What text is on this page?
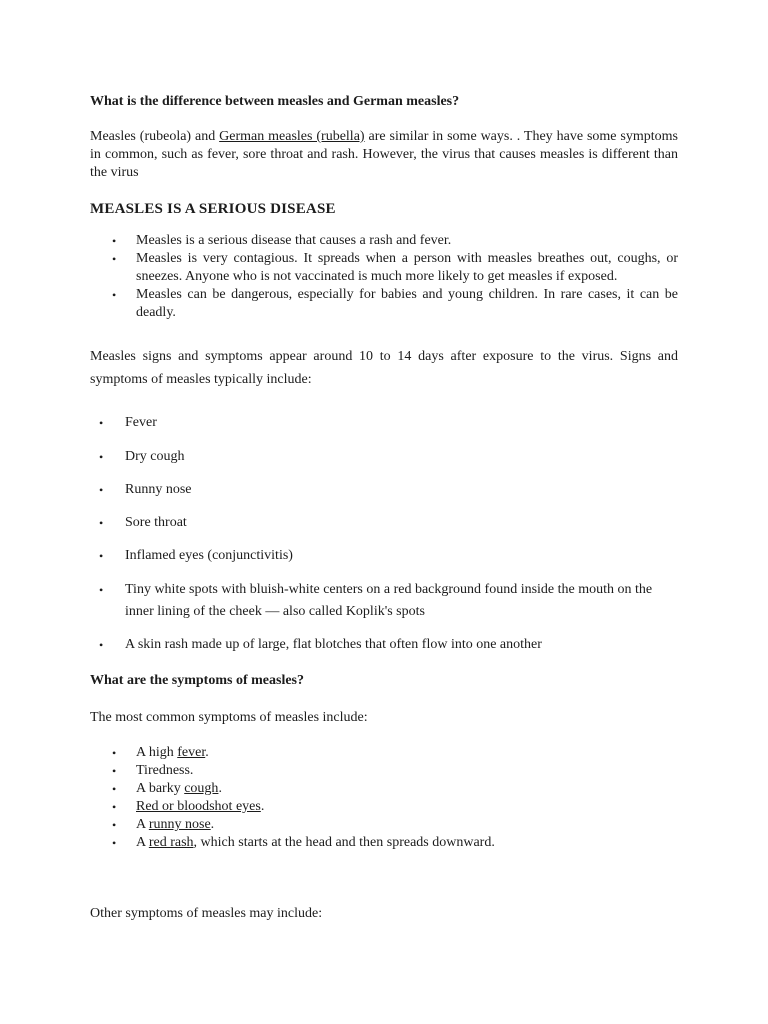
What is the difference between measles and German measles?

Measles (rubeola) and German measles (rubella) are similar in some ways. . They have some symptoms in common, such as fever, sore throat and rash. However, the virus that causes measles is different than the virus

MEASLES IS A SERIOUS DISEASE

• Measles is a serious disease that causes a rash and fever.
• Measles is very contagious. It spreads when a person with measles breathes out, coughs, or sneezes. Anyone who is not vaccinated is much more likely to get measles if exposed.
• Measles can be dangerous, especially for babies and young children. In rare cases, it can be deadly.

Measles signs and symptoms appear around 10 to 14 days after exposure to the virus. Signs and symptoms of measles typically include:

• Fever
• Dry cough
• Runny nose
• Sore throat
• Inflamed eyes (conjunctivitis)
• Tiny white spots with bluish-white centers on a red background found inside the mouth on the inner lining of the cheek — also called Koplik's spots
• A skin rash made up of large, flat blotches that often flow into one another

What are the symptoms of measles?

The most common symptoms of measles include:

• A high fever.
• Tiredness.
• A barky cough.
• Red or bloodshot eyes.
• A runny nose.
• A red rash, which starts at the head and then spreads downward.

Other symptoms of measles may include:
